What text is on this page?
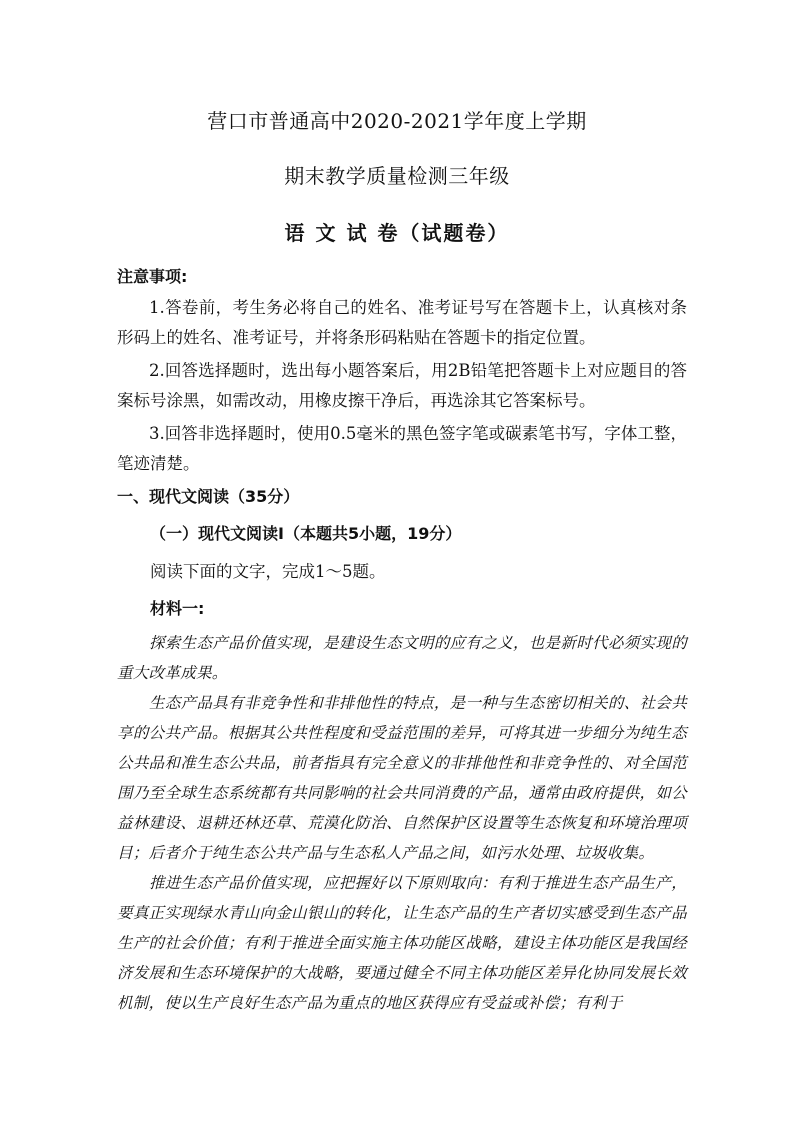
营口市普通高中2020-2021学年度上学期
期末教学质量检测三年级
语 文 试 卷（试题卷）
注意事项:
1.答卷前，考生务必将自己的姓名、准考证号写在答题卡上，认真核对条形码上的姓名、准考证号，并将条形码粘贴在答题卡的指定位置。
2.回答选择题时，选出每小题答案后，用2B铅笔把答题卡上对应题目的答案标号涂黑，如需改动，用橡皮擦干净后，再选涂其它答案标号。
3.回答非选择题时，使用0.5毫米的黑色签字笔或碳素笔书写，字体工整，笔迹清楚。
一、现代文阅读（35分）
（一）现代文阅读Ⅰ（本题共5小题，19分）
阅读下面的文字，完成1～5题。
材料一:
探索生态产品价值实现，是建设生态文明的应有之义，也是新时代必须实现的重大改革成果。
生态产品具有非竞争性和非排他性的特点，是一种与生态密切相关的、社会共享的公共产品。根据其公共性程度和受益范围的差异，可将其进一步细分为纯生态公共品和准生态公共品，前者指具有完全意义的非排他性和非竞争性的、对全国范围乃至全球生态系统都有共同影响的社会共同消费的产品，通常由政府提供，如公益林建设、退耕还林还草、荒漠化防治、自然保护区设置等生态恢复和环境治理项目；后者介于纯生态公共产品与生态私人产品之间，如污水处理、垃圾收集。
推进生态产品价值实现，应把握好以下原则取向：有利于推进生态产品生产，要真正实现绿水青山向金山银山的转化，让生态产品的生产者切实感受到生态产品生产的社会价值；有利于推进全面实施主体功能区战略，建设主体功能区是我国经济发展和生态环境保护的大战略，要通过健全不同主体功能区差异化协同发展长效机制，使以生产良好生态产品为重点的地区获得应有受益或补偿；有利于
